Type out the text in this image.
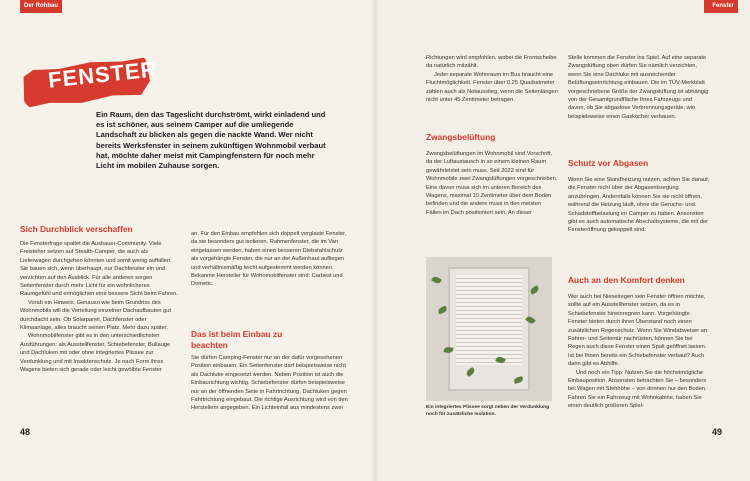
Der Rohbau	Fenster
FENSTER
Ein Raum, den das Tageslicht durchströmt, wirkt einladend und es ist schöner, aus seinem Camper auf die umliegende Landschaft zu blicken als gegen die nackte Wand. Wer nicht bereits Werksfenster in seinem zukünftigen Wohnmobil verbaut hat, möchte daher meist mit Campingfenstern für noch mehr Licht im mobilen Zuhause sorgen.
Sich Durchblick verschaffen

Die Fensterfrage spaltet die Ausbauer-Community. Viele Freisteher setzen auf Stealth-Camper, die auch als Lieferwagen durchgehen könnten und somit wenig auffallen. Sie bauen sich, wenn überhaupt, nur Dachfenster ein und verzichten auf den Ausblick. Für alle anderen sorgen Seitenfenster durch mehr Licht für ein wohnlicheres Raumgefühl und ermöglichen eine bessere Sicht beim Fahren.

Vorab ein Hinweis: Genauso wie beim Grundriss des Wohnmobils will die Verteilung einzelner Dachaufbauten gut durchdacht sein. Ob Solarpanel, Dachfenster oder Klimaanlage, alles braucht seinen Platz. Mehr dazu später.

Wohnmobilfenster gibt es in den unterschiedlichsten Ausführungen: als Ausstellfenster, Schiebefenster, Bullauge und Dachluken mit oder ohne integriertes Plissee zur Verdunklung und mit Insektenschutz. Je nach Form ihres Wagens bieten sich gerade oder leicht gewölbte Fenster

an. Für den Einbau empfehlen sich doppelt verglaste Fenster, da sie besonders gut isolieren. Rahmenfenster, die im Van eingelassen werden, haben einen besseren Diebstahlschutz als vorgehängte Fenster, die nur an der Außenhaut aufliegen und verhältnismäßig leicht aufgestemmt werden können. Bekannte Hersteller für Wohnmobilfenster sind: Carbest und Dometic.

Das ist beim Einbau zu beachten

Sie dürfen Camping-Fenster nur an der dafür vorgesehenen Position einbauen. Ein Seitenfenster darf beispielsweise nicht als Dachluke eingesetzt werden. Neben Position ist auch die Einbaurichtung wichtig. Schiebefenster dürfen beispielsweise nur an der öffnenden Seite in Fahrtrichtung, Dachluken gegen Fahrtrichtung eingebaut. Die richtige Ausrichtung wird von den Herstellern angegeben. Ein Lichteinfall aus mindestens zwei

48

Richtungen wird empfohlen, wobei die Frontscheibe da natürlich mitzählt.

Jeder separate Wohnraum im Bus braucht eine Fluchtmöglichkeit. Fenster über 0,25 Quadratmeter zählen auch als Notausstieg, wenn die Seitenlängen nicht unter 45 Zentimeter betragen.

Zwangsbelüftung

Zwangsbelüftungen im Wohnmobil sind Vorschrift, da der Luftaustausch in so einem kleinen Raum gewährleistet sein muss. Seit 2022 sind für Wohnmobile zwei Zwangslüftungen vorgeschrieben. Eine davon muss sich im unteren Bereich des Wagens, maximal 10 Zentimeter über dem Boden befinden und die andere muss in den meisten Fällen im Dach positioniert sein. An dieser

Ein integriertes Plissee sorgt neben der Verdunklung noch für zusätzliche Isolation.

Stelle kommen die Fenster ins Spiel. Auf eine separate Zwangslüftung oben dürfen Sie nämlich verzichten, wenn Sie eine Dachluke mit ausreichender Belüftungseinrichtung einbauen. Die im TÜV-Merkblatt vorgeschriebene Größe der Zwangslüftung ist abhängig von der Gesamtgrundfläche Ihres Fahrzeugs und davon, ob Sie abgaslose Verbrennungsgeräte, wie beispielsweise einen Gaskocher verbauen.

Schutz vor Abgasen

Wenn Sie eine Standheizung nutzen, achten Sie darauf, die Fenster nicht über der Abgasentsorgung anzubringen. Andernfalls können Sie sie nicht öffnen, während die Heizung läuft, ohne die Geruchs- und Schadstoffbelastung im Camper zu haben. Ansonsten gibt es auch automatische Abschaltsysteme, die mit der Fensteröffnung gekoppelt sind.

Auch an den Komfort denken

Wer auch bei Nieselregen sein Fenster öffnen möchte, sollte auf ein Ausstellfenster setzen, da es in Schiebefenster hineinregnen kann. Vorgehängte Fenster bieten durch ihren Überstand noch einen zusätzlichen Regenschutz. Wenn Sie Windabweiser an Fahrer- und Seitentür nachrüsten, können Sie bei Regen auch diese Fenster einen Spalt geöffnet lassen. Ist bei Ihnen bereits ein Schiebefenster verbaut? Auch dann gibt es Abhilfe.

Und noch ein Tipp: Nutzen Sie die höchstmögliche Einbauposition. Ansonsten betrachten Sie – besonders bei Wagen mit Stehhöhe – von drinnen nur den Boden. Fahren Sie ein Fahrzeug mit Wohnkabine, haben Sie einen deutlich größeren Spiel-

49
